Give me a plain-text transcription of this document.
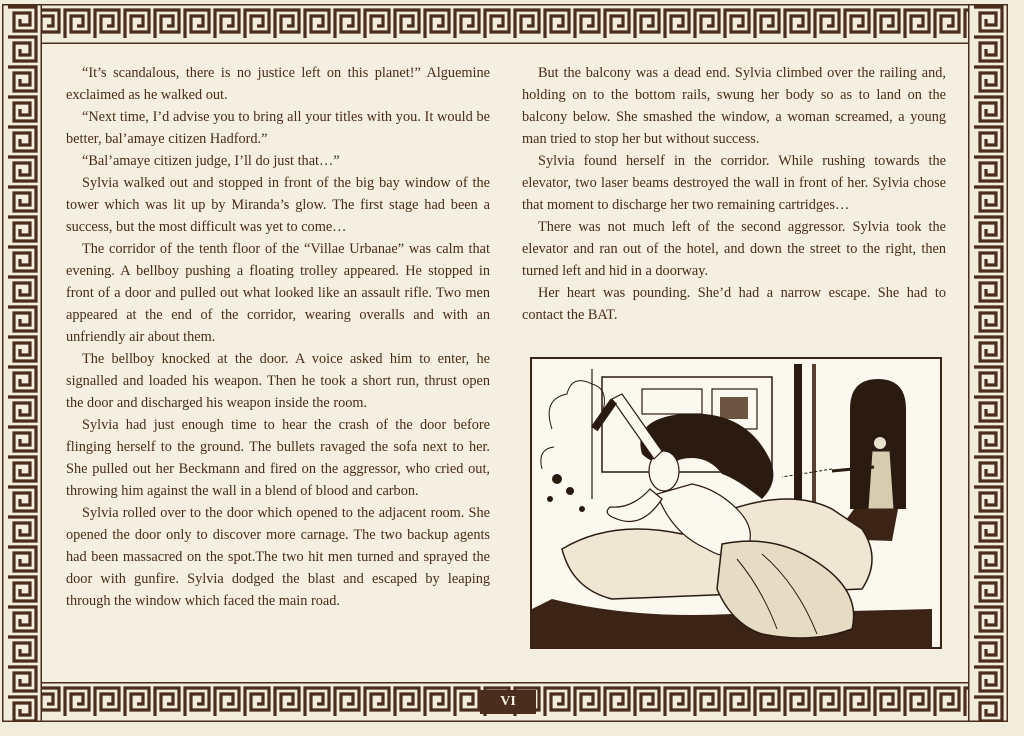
“It’s scandalous, there is no justice left on this planet!” Alguemine exclaimed as he walked out.

“Next time, I’d advise you to bring all your titles with you. It would be better, bal’amaye citizen Hadford.”

“Bal’amaye citizen judge, I’ll do just that…”

Sylvia walked out and stopped in front of the big bay window of the tower which was lit up by Miranda’s glow. The first stage had been a success, but the most difficult was yet to come…

The corridor of the tenth floor of the “Villae Urbanae” was calm that evening. A bellboy pushing a floating trolley appeared. He stopped in front of a door and pulled out what looked like an assault rifle. Two men appeared at the end of the corridor, wearing overalls and with an unfriendly air about them.

The bellboy knocked at the door. A voice asked him to enter, he signalled and loaded his weapon. Then he took a short run, thrust open the door and discharged his weapon inside the room.

Sylvia had just enough time to hear the crash of the door before flinging herself to the ground. The bullets ravaged the sofa next to her. She pulled out her Beckmann and fired on the aggressor, who cried out, throwing him against the wall in a blend of blood and carbon.

Sylvia rolled over to the door which opened to the adjacent room. She opened the door only to discover more carnage. The two backup agents had been massacred on the spot.The two hit men turned and sprayed the door with gunfire. Sylvia dodged the blast and escaped by leaping through the window which faced the main road.

But the balcony was a dead end. Sylvia climbed over the railing and, holding on to the bottom rails, swung her body so as to land on the balcony below. She smashed the window, a woman screamed, a young man tried to stop her but without success.

Sylvia found herself in the corridor. While rushing towards the elevator, two laser beams destroyed the wall in front of her. Sylvia chose that moment to discharge her two remaining cartridges…

There was not much left of the second aggressor. Sylvia took the elevator and ran out of the hotel, and down the street to the right, then turned left and hid in a doorway.

Her heart was pounding. She’d had a narrow escape. She had to contact the BAT.

VI
